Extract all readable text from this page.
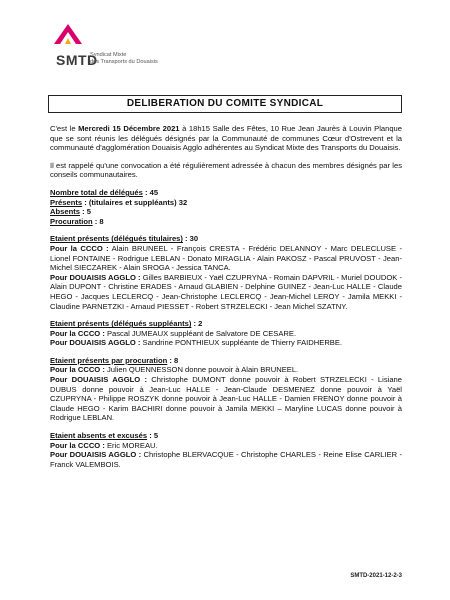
SMTD
Syndicat Mixte
des Transports du Douaisis
DELIBERATION DU COMITE SYNDICAL

C'est le Mercredi 15 Décembre 2021 à 18h15 Salle des Fêtes, 10 Rue Jean Jaurès à Louvin Planque que se sont réunis les délégués désignés par la Communauté de communes Cœur d'Ostrevent et la communauté d'agglomération Douaisis Agglo adhérentes au Syndicat Mixte des Transports du Douaisis.

Il est rappelé qu'une convocation a été régulièrement adressée à chacun des membres désignés par les conseils communautaires.

Nombre total de délégués : 45
Présents : (titulaires et suppléants) 32
Absents : 5
Procuration : 8
Etaient présents (délégués titulaires) : 30

Pour la CCCO : Alain BRUNEEL - François CRESTA - Frédéric DELANNOY - Marc DELECLUSE - Lionel FONTAINE - Rodrigue LEBLAN - Donato MIRAGLIA - Alain PAKOSZ - Pascal PRUVOST - Jean-Michel SIECZAREK - Alain SROGA - Jessica TANCA.

Pour DOUAISIS AGGLO : Gilles BARBIEUX - Yaël CZUPRYNA - Romain DAPVRIL - Muriel DOUDOK - Alain DUPONT - Christine ERADES - Arnaud GLABIEN - Delphine GUINEZ - Jean-Luc HALLE - Claude HEGO - Jacques LECLERCQ - Jean-Christophe LECLERCQ - Jean-Michel LEROY - Jamila MEKKI - Claudine PARNETZKI - Arnaud PIESSET - Robert STRZELECKI - Jean Michel SZATNY.

Etaient présents (délégués suppléants) : 2

Pour la CCCO : Pascal JUMEAUX suppléant de Salvatore DE CESARE.

Pour DOUAISIS AGGLO : Sandrine PONTHIEUX suppléante de Thierry FAIDHERBE.

Etaient présents par procuration : 8

Pour la CCCO : Julien QUENNESSON donne pouvoir à Alain BRUNEEL.

Pour DOUAISIS AGGLO : Christophe DUMONT donne pouvoir à Robert STRZELECKI - Lisiane DUBUS donne pouvoir à Jean-Luc HALLE - Jean-Claude DESMENEZ donne pouvoir à Yaël CZUPRYNA - Philippe ROSZYK donne pouvoir à Jean-Luc HALLE - Damien FRENOY donne pouvoir à Claude HEGO - Karim BACHIRI donne pouvoir à Jamila MEKKI – Maryline LUCAS donne pouvoir à Rodrigue LEBLAN.

Etaient absents et excusés : 5

Pour la CCCO : Eric MOREAU.

Pour DOUAISIS AGGLO : Christophe BLERVACQUE - Christophe CHARLES - Reine Elise CARLIER - Franck VALEMBOIS.

SMTD-2021-12-2-3
